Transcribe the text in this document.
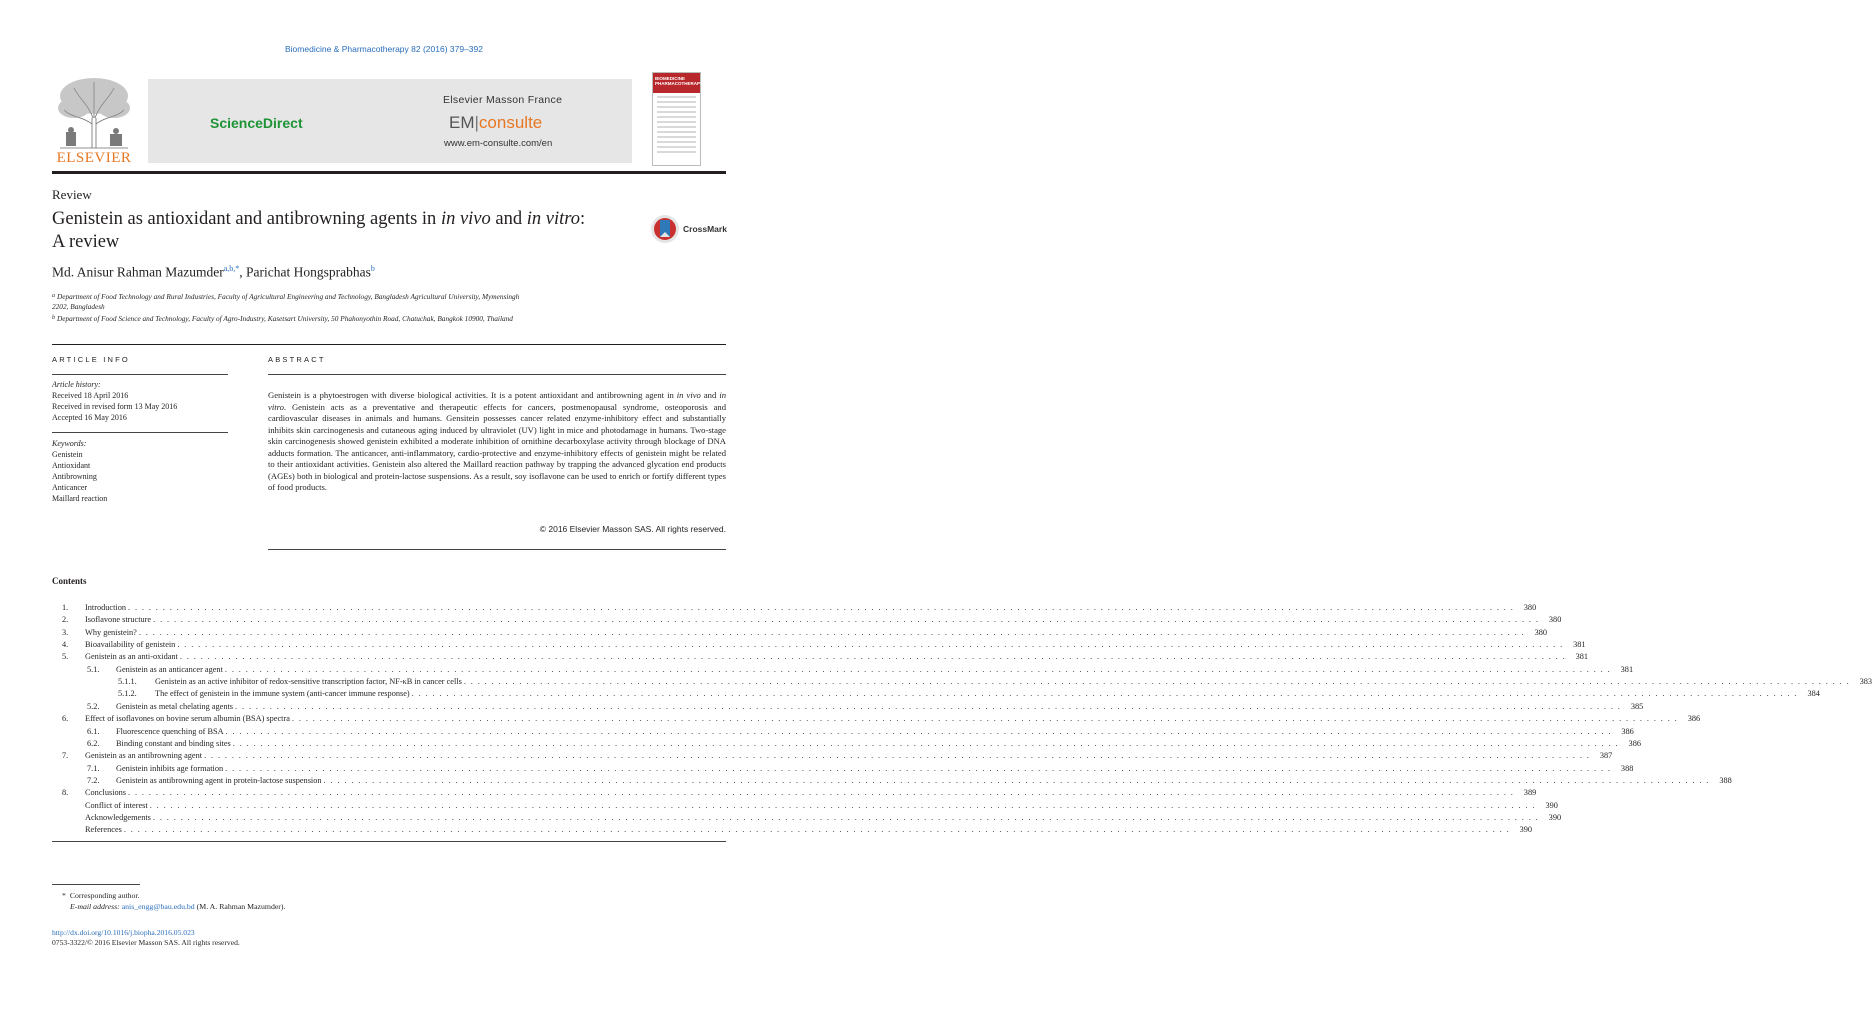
Biomedicine & Pharmacotherapy 82 (2016) 379–392
ELSEVIER
ScienceDirect
Elsevier Masson France
EM|consulte
www.em-consulte.com/en
BIOMEDICINE PHARMACOTHERAPY
Review
Genistein as antioxidant and antibrowning agents in in vivo and in vitro:
A review
CrossMark
Md. Anisur Rahman Mazumder$^{a,b,*}$, Parichat Hongsprabhas$^b$
$^a$ Department of Food Technology and Rural Industries, Faculty of Agricultural Engineering and Technology, Bangladesh Agricultural University, Mymensingh
2202, Bangladesh
$^b$ Department of Food Science and Technology, Faculty of Agro-Industry, Kasetsart University, 50 Phahonyothin Road, Chatuchak, Bangkok 10900, Thailand
ARTICLE INFO	ABSTRACT
Article history:
Received 18 April 2016
Received in revised form 13 May 2016
Accepted 16 May 2016
Keywords:
Genistein
Antioxidant
Antibrowning
Anticancer
Maillard reaction

Genistein is a phytoestrogen with diverse biological activities. It is a potent antioxidant and antibrowning agent in in vivo and in vitro. Genistein acts as a preventative and therapeutic effects for cancers, postmenopausal syndrome, osteoporosis and cardiovascular diseases in animals and humans. Gensitein possesses cancer related enzyme-inhibitory effect and substantially inhibits skin carcinogenesis and cutaneous aging induced by ultraviolet (UV) light in mice and photodamage in humans. Two-stage skin carcinogenesis showed genistein exhibited a moderate inhibition of ornithine decarboxylase activity through blockage of DNA adducts formation. The anticancer, anti-inflammatory, cardio-protective and enzyme-inhibitory effects of genistein might be related to their antioxidant activities. Genistein also altered the Maillard reaction pathway by trapping the advanced glycation end products (AGEs) both in biological and protein-lactose suspensions. As a result, soy isoflavone can be used to enrich or fortify different types of food products.

© 2016 Elsevier Masson SAS. All rights reserved.
Contents
1.	Introduction . . . . . . . . . . . . . . . . . . . . . . . . . . . . . . . . . . . . . . . . . . . . . . . . . . . . . . . . . . . . . . . . . . . . . . . . . . . . . . . . . . . . . . . . . . . . . . . . . . . . . . . . . . . . . . . . . . . . . . . . . . . . . . . . . . . . . . . . . . . . . . . . . . . . . . . . . . . . . . . . . . . . . . . . . . . . . . . . . . . . . . . . . . . . . . . . . . . . . . . .	380
2.	Isoflavone structure . . . . . . . . . . . . . . . . . . . . . . . . . . . . . . . . . . . . . . . . . . . . . . . . . . . . . . . . . . . . . . . . . . . . . . . . . . . . . . . . . . . . . . . . . . . . . . . . . . . . . . . . . . . . . . . . . . . . . . . . . . . . . . . . . . . . . . . . . . . . . . . . . . . . . . . . . . . . . . . . . . . . . . . . . . . . . . . . . . . . . . . . . . . . . . . . . . . . . . . .	380
3.	Why genistein? . . . . . . . . . . . . . . . . . . . . . . . . . . . . . . . . . . . . . . . . . . . . . . . . . . . . . . . . . . . . . . . . . . . . . . . . . . . . . . . . . . . . . . . . . . . . . . . . . . . . . . . . . . . . . . . . . . . . . . . . . . . . . . . . . . . . . . . . . . . . . . . . . . . . . . . . . . . . . . . . . . . . . . . . . . . . . . . . . . . . . . . . . . . . . . . . . . . . . . . .	380
4.	Bioavailability of genistein . . . . . . . . . . . . . . . . . . . . . . . . . . . . . . . . . . . . . . . . . . . . . . . . . . . . . . . . . . . . . . . . . . . . . . . . . . . . . . . . . . . . . . . . . . . . . . . . . . . . . . . . . . . . . . . . . . . . . . . . . . . . . . . . . . . . . . . . . . . . . . . . . . . . . . . . . . . . . . . . . . . . . . . . . . . . . . . . . . . . . . . . . . . . . . . . . . . . . . . .	381
5.	Genistein as an anti-oxidant . . . . . . . . . . . . . . . . . . . . . . . . . . . . . . . . . . . . . . . . . . . . . . . . . . . . . . . . . . . . . . . . . . . . . . . . . . . . . . . . . . . . . . . . . . . . . . . . . . . . . . . . . . . . . . . . . . . . . . . . . . . . . . . . . . . . . . . . . . . . . . . . . . . . . . . . . . . . . . . . . . . . . . . . . . . . . . . . . . . . . . . . . . . . . . . . . . . . . . . .	381
5.1.	Genistein as an anticancer agent . . . . . . . . . . . . . . . . . . . . . . . . . . . . . . . . . . . . . . . . . . . . . . . . . . . . . . . . . . . . . . . . . . . . . . . . . . . . . . . . . . . . . . . . . . . . . . . . . . . . . . . . . . . . . . . . . . . . . . . . . . . . . . . . . . . . . . . . . . . . . . . . . . . . . . . . . . . . . . . . . . . . . . . . . . . . . . . . . . . . . . . . . . . . . . . . . . . . . . . .	381
5.1.1.	Genistein as an active inhibitor of redox-sensitive transcription factor, NF-κB in cancer cells . . . . . . . . . . . . . . . . . . . . . . . . . . . . . . . . . . . . . . . . . . . . . . . . . . . . . . . . . . . . . . . . . . . . . . . . . . . . . . . . . . . . . . . . . . . . . . . . . . . . . . . . . . . . . . . . . . . . . . . . . . . . . . . . . . . . . . . . . . . . . . . . . . . . . . . . . . . . . . . . . . . . . . . . . . . . . . . . . . . . . . . . . . . . . . . . . . . . . . . .	383
5.1.2.	The effect of genistein in the immune system (anti-cancer immune response) . . . . . . . . . . . . . . . . . . . . . . . . . . . . . . . . . . . . . . . . . . . . . . . . . . . . . . . . . . . . . . . . . . . . . . . . . . . . . . . . . . . . . . . . . . . . . . . . . . . . . . . . . . . . . . . . . . . . . . . . . . . . . . . . . . . . . . . . . . . . . . . . . . . . . . . . . . . . . . . . . . . . . . . . . . . . . . . . . . . . . . . . . . . . . . . . . . . . . . . .	384
5.2.	Genistein as metal chelating agents . . . . . . . . . . . . . . . . . . . . . . . . . . . . . . . . . . . . . . . . . . . . . . . . . . . . . . . . . . . . . . . . . . . . . . . . . . . . . . . . . . . . . . . . . . . . . . . . . . . . . . . . . . . . . . . . . . . . . . . . . . . . . . . . . . . . . . . . . . . . . . . . . . . . . . . . . . . . . . . . . . . . . . . . . . . . . . . . . . . . . . . . . . . . . . . . . . . . . . . .	385
6.	Effect of isoflavones on bovine serum albumin (BSA) spectra . . . . . . . . . . . . . . . . . . . . . . . . . . . . . . . . . . . . . . . . . . . . . . . . . . . . . . . . . . . . . . . . . . . . . . . . . . . . . . . . . . . . . . . . . . . . . . . . . . . . . . . . . . . . . . . . . . . . . . . . . . . . . . . . . . . . . . . . . . . . . . . . . . . . . . . . . . . . . . . . . . . . . . . . . . . . . . . . . . . . . . . . . . . . . . . . . . . . . . . .	386
6.1.	Fluorescence quenching of BSA . . . . . . . . . . . . . . . . . . . . . . . . . . . . . . . . . . . . . . . . . . . . . . . . . . . . . . . . . . . . . . . . . . . . . . . . . . . . . . . . . . . . . . . . . . . . . . . . . . . . . . . . . . . . . . . . . . . . . . . . . . . . . . . . . . . . . . . . . . . . . . . . . . . . . . . . . . . . . . . . . . . . . . . . . . . . . . . . . . . . . . . . . . . . . . . . . . . . . . . .	386
6.2.	Binding constant and binding sites . . . . . . . . . . . . . . . . . . . . . . . . . . . . . . . . . . . . . . . . . . . . . . . . . . . . . . . . . . . . . . . . . . . . . . . . . . . . . . . . . . . . . . . . . . . . . . . . . . . . . . . . . . . . . . . . . . . . . . . . . . . . . . . . . . . . . . . . . . . . . . . . . . . . . . . . . . . . . . . . . . . . . . . . . . . . . . . . . . . . . . . . . . . . . . . . . . . . . . . .	386
7.	Genistein as an antibrowning agent . . . . . . . . . . . . . . . . . . . . . . . . . . . . . . . . . . . . . . . . . . . . . . . . . . . . . . . . . . . . . . . . . . . . . . . . . . . . . . . . . . . . . . . . . . . . . . . . . . . . . . . . . . . . . . . . . . . . . . . . . . . . . . . . . . . . . . . . . . . . . . . . . . . . . . . . . . . . . . . . . . . . . . . . . . . . . . . . . . . . . . . . . . . . . . . . . . . . . . . .	387
7.1.	Genistein inhibits age formation . . . . . . . . . . . . . . . . . . . . . . . . . . . . . . . . . . . . . . . . . . . . . . . . . . . . . . . . . . . . . . . . . . . . . . . . . . . . . . . . . . . . . . . . . . . . . . . . . . . . . . . . . . . . . . . . . . . . . . . . . . . . . . . . . . . . . . . . . . . . . . . . . . . . . . . . . . . . . . . . . . . . . . . . . . . . . . . . . . . . . . . . . . . . . . . . . . . . . . . .	388
7.2.	Genistein as antibrowning agent in protein-lactose suspension . . . . . . . . . . . . . . . . . . . . . . . . . . . . . . . . . . . . . . . . . . . . . . . . . . . . . . . . . . . . . . . . . . . . . . . . . . . . . . . . . . . . . . . . . . . . . . . . . . . . . . . . . . . . . . . . . . . . . . . . . . . . . . . . . . . . . . . . . . . . . . . . . . . . . . . . . . . . . . . . . . . . . . . . . . . . . . . . . . . . . . . . . . . . . . . . . . . . . . . .	388
8.	Conclusions . . . . . . . . . . . . . . . . . . . . . . . . . . . . . . . . . . . . . . . . . . . . . . . . . . . . . . . . . . . . . . . . . . . . . . . . . . . . . . . . . . . . . . . . . . . . . . . . . . . . . . . . . . . . . . . . . . . . . . . . . . . . . . . . . . . . . . . . . . . . . . . . . . . . . . . . . . . . . . . . . . . . . . . . . . . . . . . . . . . . . . . . . . . . . . . . . . . . . . . .	389
Conflict of interest . . . . . . . . . . . . . . . . . . . . . . . . . . . . . . . . . . . . . . . . . . . . . . . . . . . . . . . . . . . . . . . . . . . . . . . . . . . . . . . . . . . . . . . . . . . . . . . . . . . . . . . . . . . . . . . . . . . . . . . . . . . . . . . . . . . . . . . . . . . . . . . . . . . . . . . . . . . . . . . . . . . . . . . . . . . . . . . . . . . . . . . . . . . . . . . . . . . . . . . .	390
Acknowledgements . . . . . . . . . . . . . . . . . . . . . . . . . . . . . . . . . . . . . . . . . . . . . . . . . . . . . . . . . . . . . . . . . . . . . . . . . . . . . . . . . . . . . . . . . . . . . . . . . . . . . . . . . . . . . . . . . . . . . . . . . . . . . . . . . . . . . . . . . . . . . . . . . . . . . . . . . . . . . . . . . . . . . . . . . . . . . . . . . . . . . . . . . . . . . . . . . . . . . . . .	390
References . . . . . . . . . . . . . . . . . . . . . . . . . . . . . . . . . . . . . . . . . . . . . . . . . . . . . . . . . . . . . . . . . . . . . . . . . . . . . . . . . . . . . . . . . . . . . . . . . . . . . . . . . . . . . . . . . . . . . . . . . . . . . . . . . . . . . . . . . . . . . . . . . . . . . . . . . . . . . . . . . . . . . . . . . . . . . . . . . . . . . . . . . . . . . . . . . . . . . . . .	390
* Corresponding author.
E-mail address: anis_engg@bau.edu.bd (M. A. Rahman Mazumder).
http://dx.doi.org/10.1016/j.biopha.2016.05.023
0753-3322/© 2016 Elsevier Masson SAS. All rights reserved.
